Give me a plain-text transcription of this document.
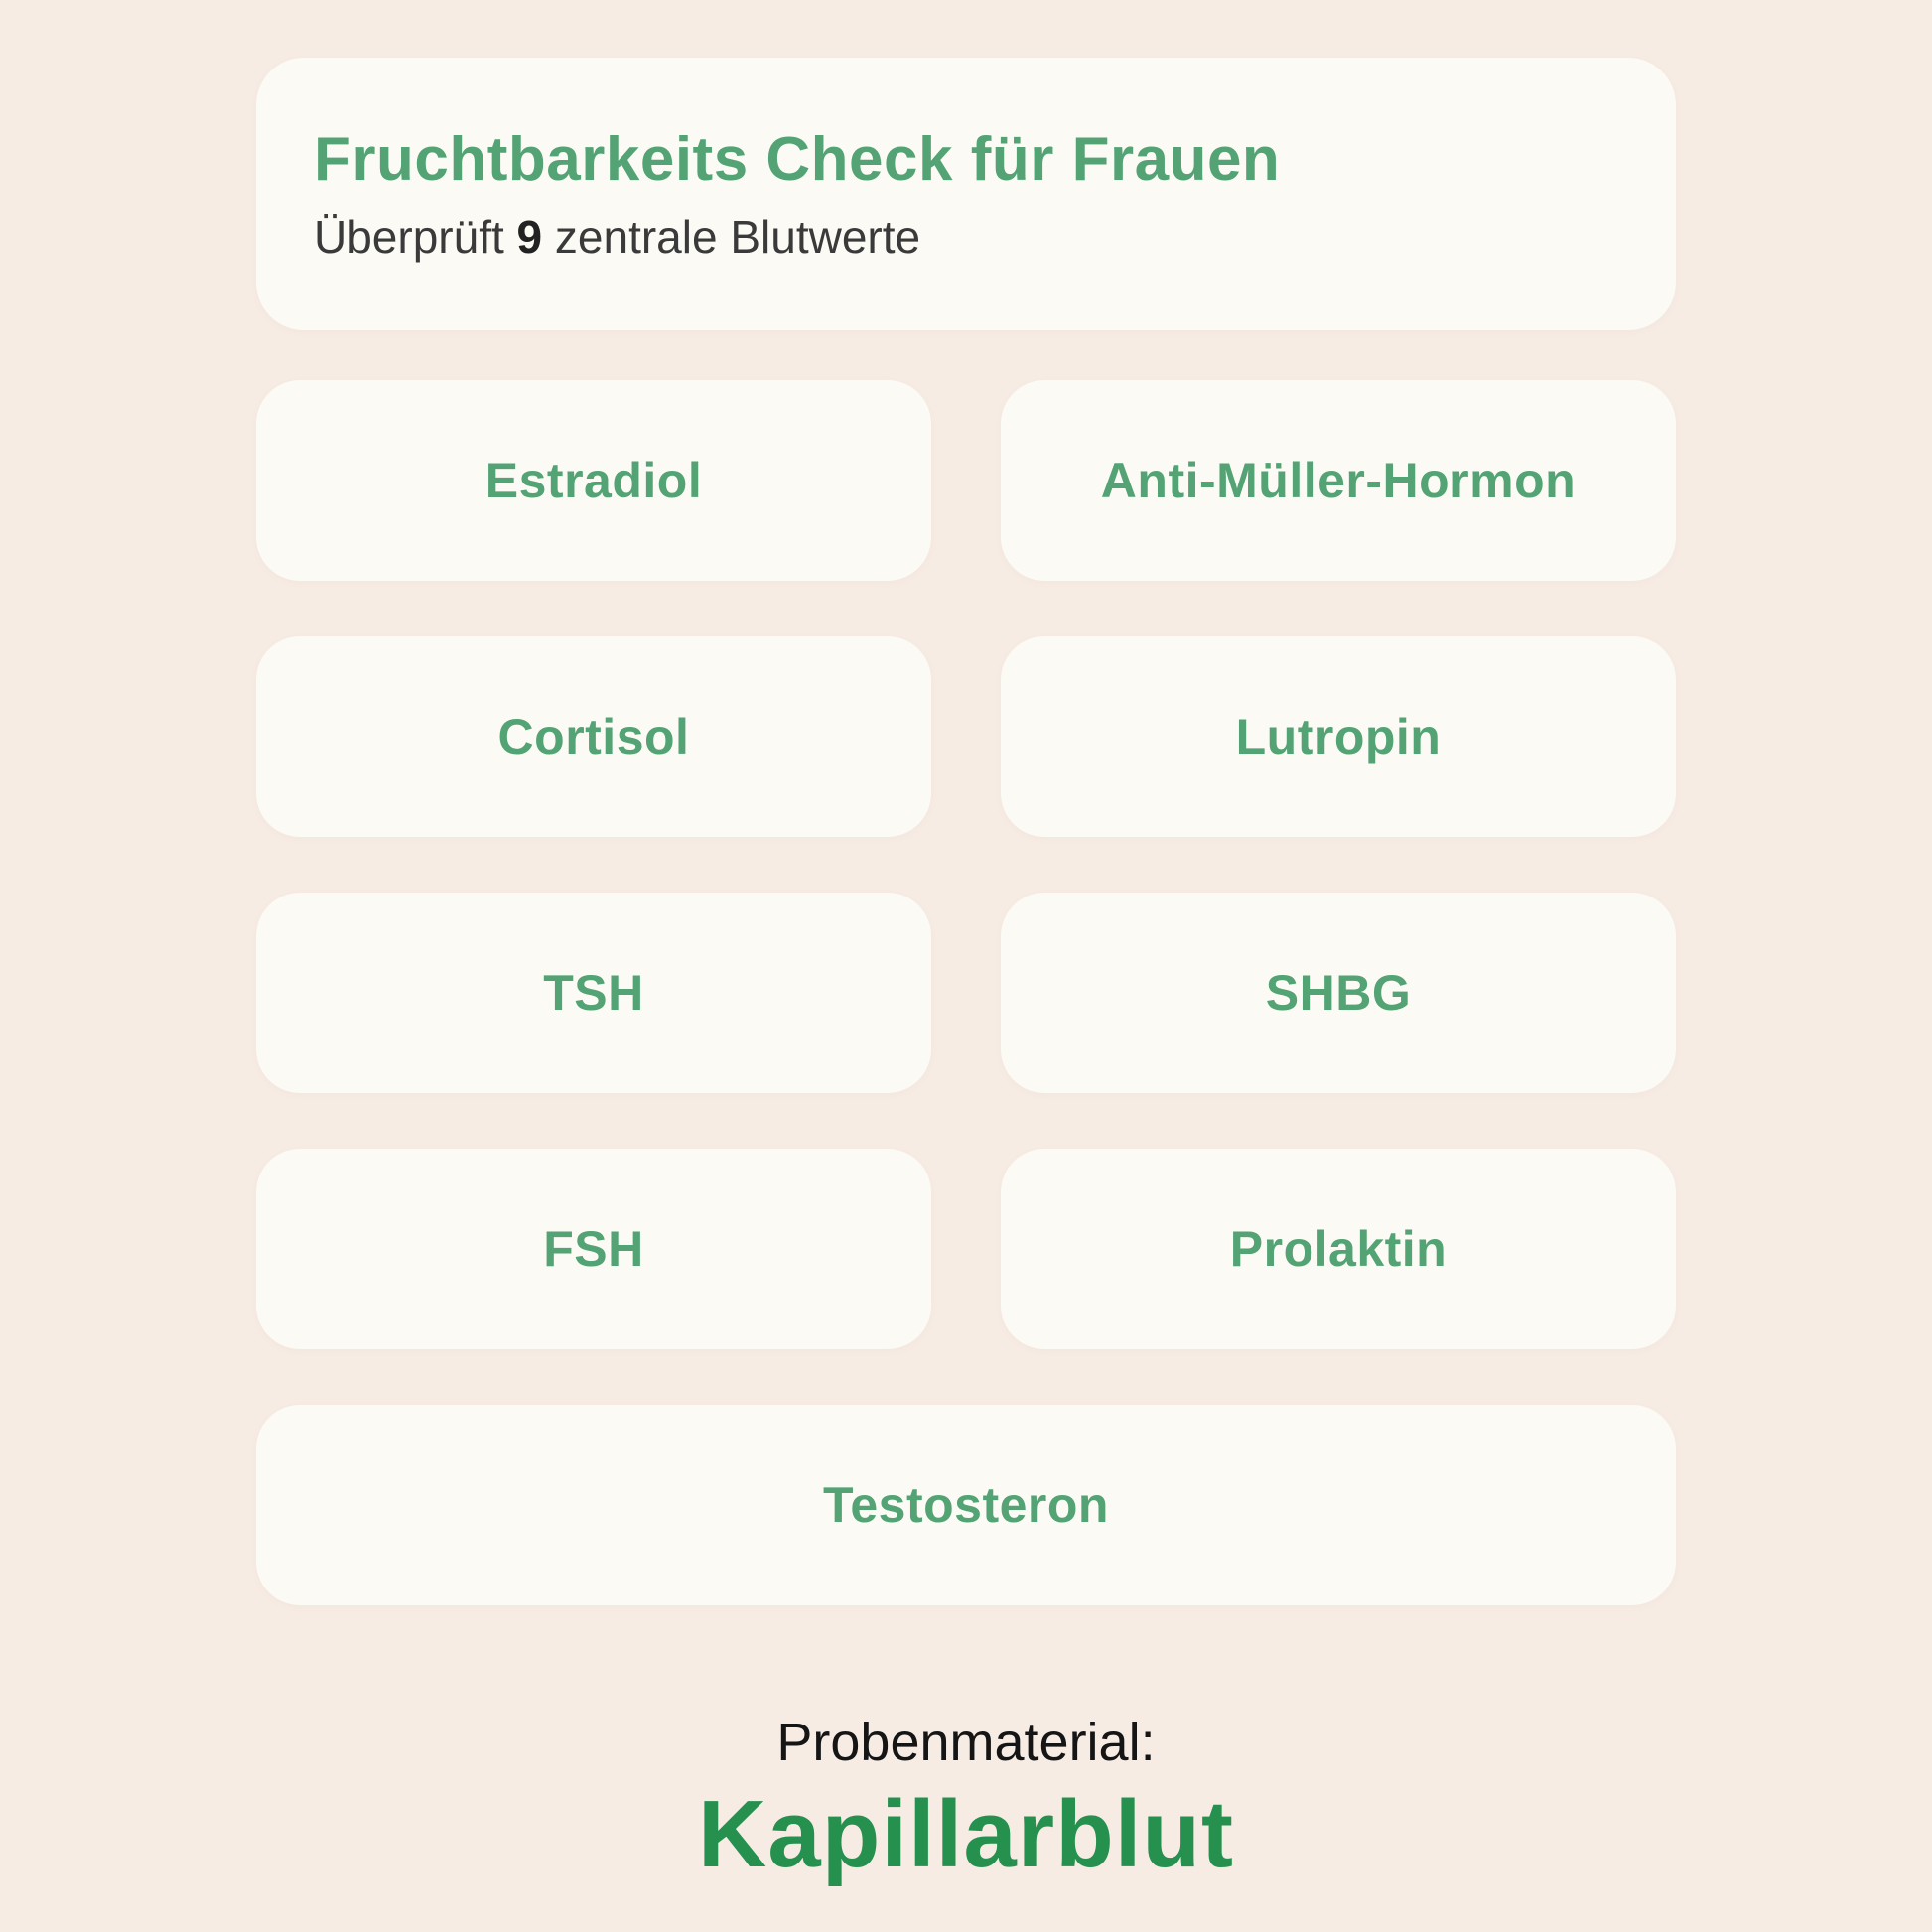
Fruchtbarkeits Check für Frauen
Überprüft 9 zentrale Blutwerte
Estradiol	Anti-Müller-Hormon
Cortisol	Lutropin
TSH	SHBG
FSH	Prolaktin
Testosteron
Probenmaterial:
Kapillarblut
